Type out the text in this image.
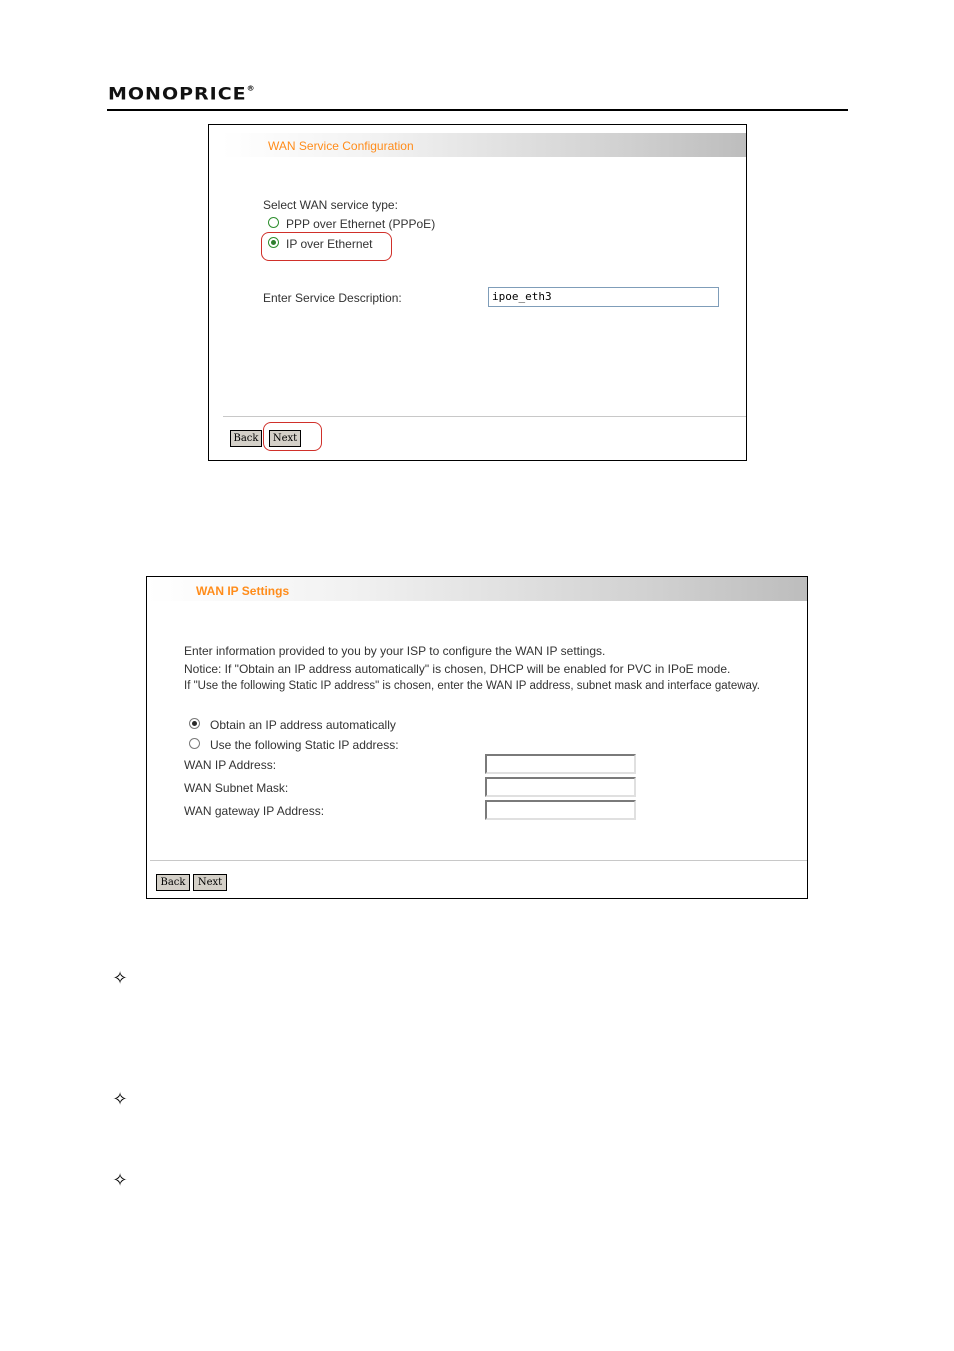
MONOPRICE®
WAN Service Configuration
Select WAN service type:
PPP over Ethernet (PPPoE)
IP over Ethernet
Enter Service Description:	ipoe_eth3
Back	Next
WAN IP Settings
Enter information provided to you by your ISP to configure the WAN IP settings.
Notice: If "Obtain an IP address automatically" is chosen, DHCP will be enabled for PVC in IPoE mode.
If "Use the following Static IP address" is chosen, enter the WAN IP address, subnet mask and interface gateway.
Obtain an IP address automatically
Use the following Static IP address:
WAN IP Address:
WAN Subnet Mask:
WAN gateway IP Address:
Back	Next
✧
✧
✧
